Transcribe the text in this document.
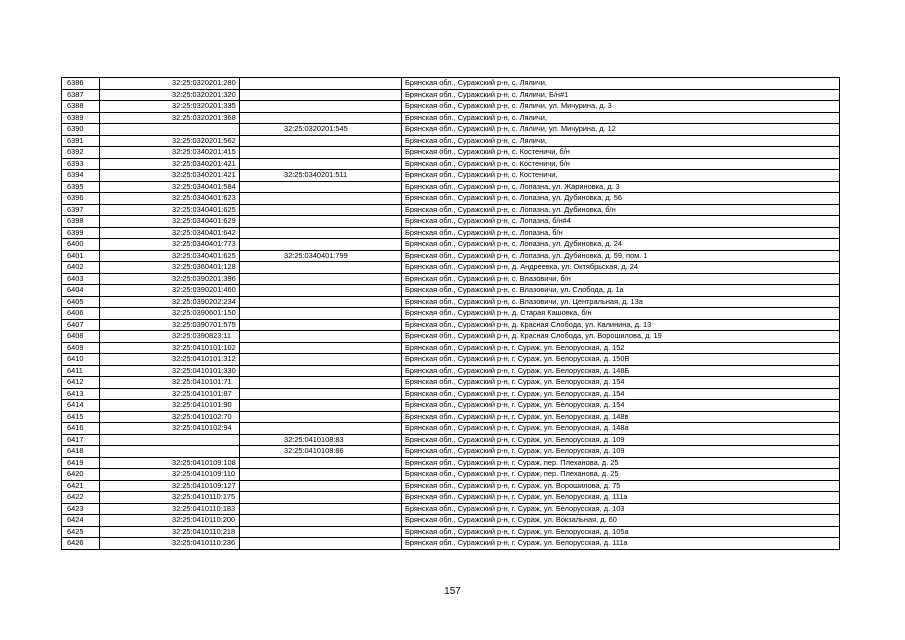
6386	32:25:0320201:280		Брянская обл., Суражский р-н, с. Ляличи,
6387	32:25:0320201:320		Брянская обл., Суражский р-н, с. Ляличи, Б/н#1
6388	32:25:0320201:335		Брянская обл., Суражский р-н, с. Ляличи, ул. Мичурина, д. 3
6389	32:25:0320201:368		Брянская обл., Суражский р-н, с. Ляличи,
6390		32:25:0320201:545	Брянская обл., Суражский р-н, с. Ляличи, ул. Мичурина, д. 12
6391	32:25:0320201:562		Брянская обл., Суражский р-н, с. Ляличи,
6392	32:25:0340201:415		Брянская обл., Суражский р-н, с. Костеничи, б/н
6393	32:25:0340201:421		Брянская обл., Суражский р-н, с. Костеничи, б/н
6394	32:25:0340201:421	32:25:0340201:511	Брянская обл., Суражский р-н, с. Костеничи,
6395	32:25:0340401:584		Брянская обл., Суражский р-н, с. Лопазна, ул. Жариновка, д. 3
6396	32:25:0340401:623		Брянская обл., Суражский р-н, с. Лопазна, ул. Дубиновка, д. 56
6397	32:25:0340401:625		Брянская обл., Суражский р-н, с. Лопазна, ул. Дубиновка, б/н
6398	32:25:0340401:629		Брянская обл., Суражский р-н, с. Лопазна, б/н#4
6399	32:25:0340401:642		Брянская обл., Суражский р-н, с. Лопазна, б/н
6400	32:25:0340401:773		Брянская обл., Суражский р-н, с. Лопазна, ул. Дубиновка, д. 24
6401	32:25:0340401:625	32:25:0340401:799	Брянская обл., Суражский р-н, с. Лопазна, ул. Дубиновка, д. 59, пом. 1
6402	32:25:0360401:128		Брянская обл., Суражский р-н, д. Андреевка, ул. Октябрьская, д. 24
6403	32:25:0390201:396		Брянская обл., Суражский р-н, с. Влазовичи, б/н
6404	32:25:0390201:460		Брянская обл., Суражский р-н, с. Влазовичи, ул. Слобода, д. 1а
6405	32:25:0390202:234		Брянская обл., Суражский р-н, с. Влазовичи, ул. Центральная, д. 13а
6406	32:25:0390601:150		Брянская обл., Суражский р-н, д. Старая Кашовка, б/н
6407	32:25:0390701:575		Брянская обл., Суражский р-н, д. Красная Слобода, ул. Калинина, д. 13
6408	32:25:0390823:11		Брянская обл., Суражский р-н, д. Красная Слобода, ул. Ворошилова, д. 19
6409	32:25:0410101:102		Брянская обл., Суражский р-н, г. Сураж, ул. Белорусская, д. 152
6410	32:25:0410101:312		Брянская обл., Суражский р-н, г. Сураж, ул. Белорусская, д. 150В
6411	32:25:0410101:330		Брянская обл., Суражский р-н, г. Сураж, ул. Белорусская, д. 148Б
6412	32:25:0410101:71		Брянская обл., Суражский р-н, г. Сураж, ул. Белорусская, д. 154
6413	32:25:0410101:87		Брянская обл., Суражский р-н, г. Сураж, ул. Белорусская, д. 154
6414	32:25:0410101:90		Брянская обл., Суражский р-н, г. Сураж, ул. Белорусская, д. 154
6415	32:25:0410102:70		Брянская обл., Суражский р-н, г. Сураж, ул. Белорусская, д. 148в
6416	32:25:0410102:94		Брянская обл., Суражский р-н, г. Сураж, ул. Белорусская, д. 148а
6417		32:25:0410108:83	Брянская обл., Суражский р-н, г. Сураж, ул. Белорусская, д. 109
6418		32:25:0410108:86	Брянская обл., Суражский р-н, г. Сураж, ул. Белорусская, д. 109
6419	32:25:0410109:108		Брянская обл., Суражский р-н, г. Сураж, пер. Плеханова, д. 25
6420	32:25:0410109:110		Брянская обл., Суражский р-н, г. Сураж, пер. Плеханова, д. 25
6421	32:25:0410109:127		Брянская обл., Суражский р-н, г. Сураж, ул. Ворошилова, д. 75
6422	32:25:0410110:175		Брянская обл., Суражский р-н, г. Сураж, ул. Белорусская, д. 111а
6423	32:25:0410110:183		Брянская обл., Суражский р-н, г. Сураж, ул. Белорусская, д. 103
6424	32:25:0410110:200		Брянская обл., Суражский р-н, г. Сураж, ул. Вокзальная, д. 60
6425	32:25:0410110:218		Брянская обл., Суражский р-н, г. Сураж, ул. Белорусская, д. 105а
6426	32:25:0410110:236		Брянская обл., Суражский р-н, г. Сураж, ул. Белорусская, д. 111а
157
